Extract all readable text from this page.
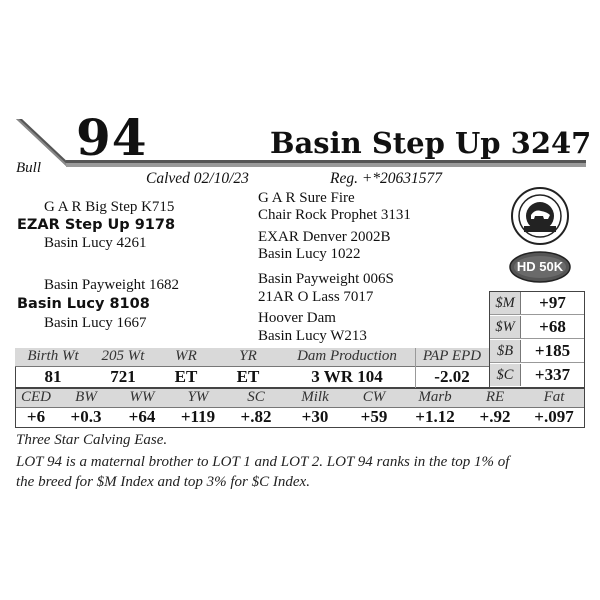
Bull
94	Basin Step Up 3247
Calved 02/10/23	Reg. +*20631577
G A R Big Step K715
EZAR Step Up 9178
Basin Lucy 4261
G A R Sure Fire
Chair Rock Prophet 3131
EXAR Denver 2002B
Basin Lucy 1022
Basin Payweight 1682
Basin Lucy 8108
Basin Lucy 1667
Basin Payweight 006S
21AR O Lass 7017
Hoover Dam
Basin Lucy W213
HD 50K
$M	+97
$W	+68
$B	+185
$C	+337
Birth Wt	205 Wt	WR	YR	Dam Production	PAP EPD
81	721	ET	ET	3 WR 104	-2.02
CED	BW	WW	YW	SC	Milk	CW	Marb	RE	Fat
+6	+0.3	+64	+119	+.82	+30	+59	+1.12	+.92	+.097
Three Star Calving Ease.
LOT 94 is a maternal brother to LOT 1 and LOT 2. LOT 94 ranks in the top 1% of
the breed for $M Index and top 3% for $C Index.
